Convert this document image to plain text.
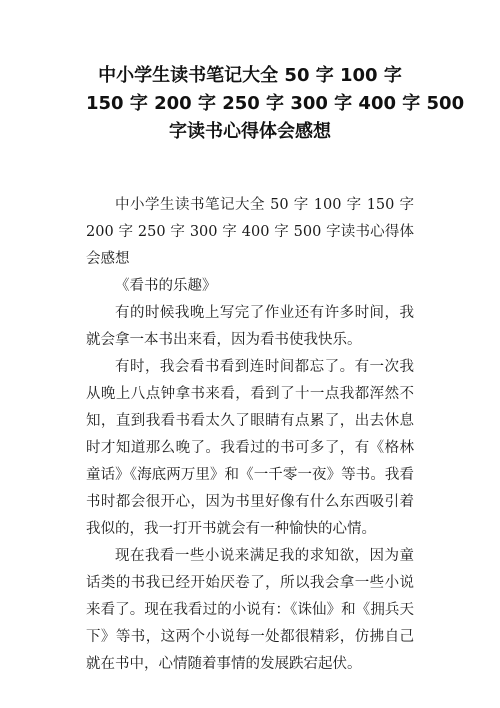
中小学生读书笔记大全 50 字 100 字
150 字 200 字 250 字 300 字 400 字 500
字读书心得体会感想

中小学生读书笔记大全 50 字 100 字 150 字 200 字 250 字 300 字 400 字 500 字读书心得体会感想

《看书的乐趣》

有的时候我晚上写完了作业还有许多时间，我就会拿一本书出来看，因为看书使我快乐。

有时，我会看书看到连时间都忘了。有一次我从晚上八点钟拿书来看，看到了十一点我都浑然不知，直到我看书看太久了眼睛有点累了，出去休息时才知道那么晚了。我看过的书可多了，有《格林童话》《海底两万里》和《一千零一夜》等书。我看书时都会很开心，因为书里好像有什么东西吸引着我似的，我一打开书就会有一种愉快的心情。

现在我看一些小说来满足我的求知欲，因为童话类的书我已经开始厌卷了，所以我会拿一些小说来看了。现在我看过的小说有：《诛仙》和《拥兵天下》等书，这两个小说每一处都很精彩，仿拂自己就在书中，心情随着事情的发展跌宕起伏。
